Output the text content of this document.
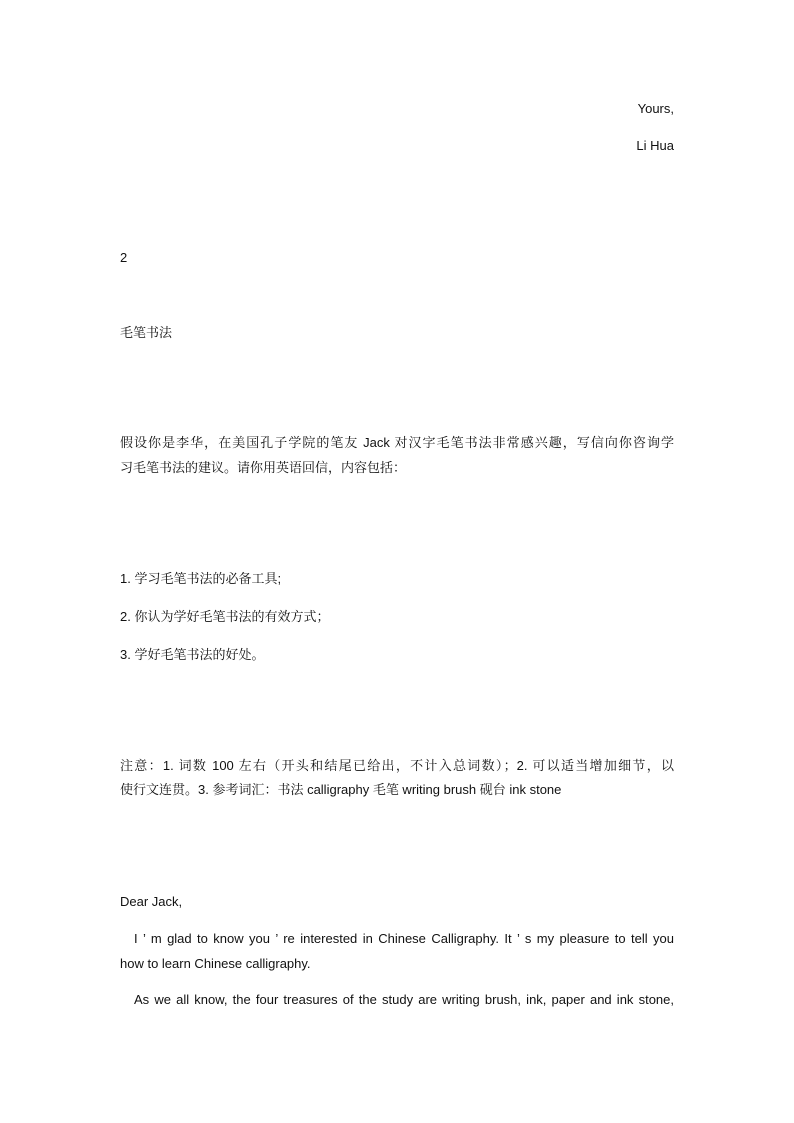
Yours,
Li Hua
2
毛笔书法
假设你是李华，在美国孔子学院的笔友 Jack 对汉字毛笔书法非常感兴趣，写信向你咨询学
习毛笔书法的建议。请你用英语回信，内容包括：
1. 学习毛笔书法的必备工具;
2. 你认为学好毛笔书法的有效方式；
3. 学好毛笔书法的好处。
注意：1. 词数 100 左右（开头和结尾已给出，不计入总词数）；2. 可以适当增加细节，以
使行文连贯。3. 参考词汇：书法 calligraphy 毛笔 writing brush 砚台 ink stone
Dear Jack,
I ’ m glad to know you ’ re interested in Chinese Calligraphy. It ’ s my pleasure to tell you
how to learn Chinese calligraphy.
As we all know, the four treasures of the study are writing brush, ink, paper and ink stone,
